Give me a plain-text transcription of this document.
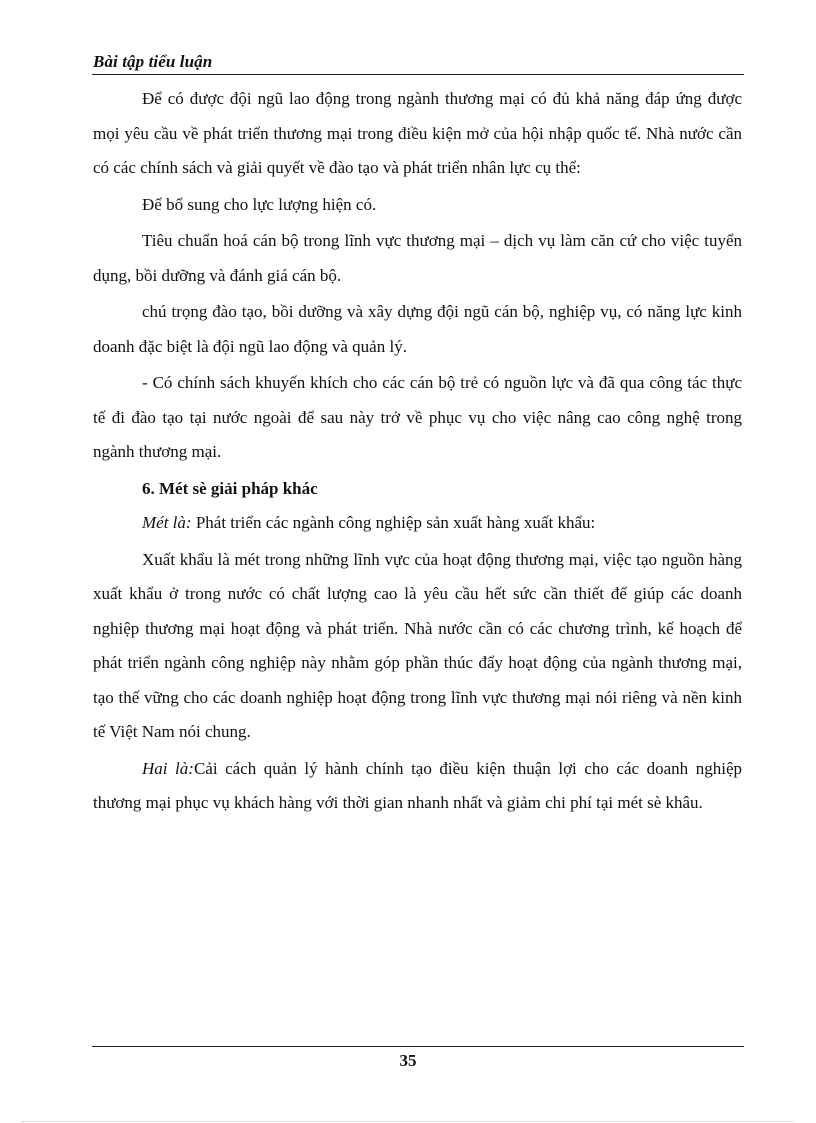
Bài tập tiểu luận

Để có được đội ngũ lao động trong ngành thương mại có đủ khả năng đáp ứng được mọi yêu cầu về phát triển thương mại trong điều kiện mở của hội nhập quốc tế. Nhà nước cần có các chính sách và giải quyết về đào tạo và phát triển nhân lực cụ thể:

Để bổ sung cho lực lượng hiện có.

Tiêu chuẩn hoá cán bộ trong lĩnh vực thương mại – dịch vụ làm căn cứ cho việc tuyển dụng, bồi dưỡng và đánh giá cán bộ.

chú trọng đào tạo, bồi dưỡng và xây dựng đội ngũ cán bộ, nghiệp vụ, có năng lực kinh doanh đặc biệt là đội ngũ lao động và quản lý.

- Có chính sách khuyến khích cho các cán bộ trẻ có nguồn lực và đã qua công tác thực tế đi đào tạo tại nước ngoài để sau này trở về phục vụ cho việc nâng cao công nghệ trong ngành thương mại.

6. Mét sè giải pháp khác

Mét là: Phát triển các ngành công nghiệp sản xuất hàng xuất khẩu:

Xuất khẩu là mét trong những lĩnh vực của hoạt động thương mại, việc tạo nguồn hàng xuất khẩu ở trong nước có chất lượng cao là yêu cầu hết sức cần thiết để giúp các doanh nghiệp thương mại hoạt động và phát triển. Nhà nước cần có các chương trình, kế hoạch để phát triển ngành công nghiệp này nhằm góp phần thúc đẩy hoạt động của ngành thương mại, tạo thế vững cho các doanh nghiệp hoạt động trong lĩnh vực thương mại nói riêng và nền kinh tế Việt Nam nói chung.

Hai là:Cải cách quản lý hành chính tạo điều kiện thuận lợi cho các doanh nghiệp thương mại phục vụ khách hàng với thời gian nhanh nhất và giảm chi phí tại mét sè khâu.

35
